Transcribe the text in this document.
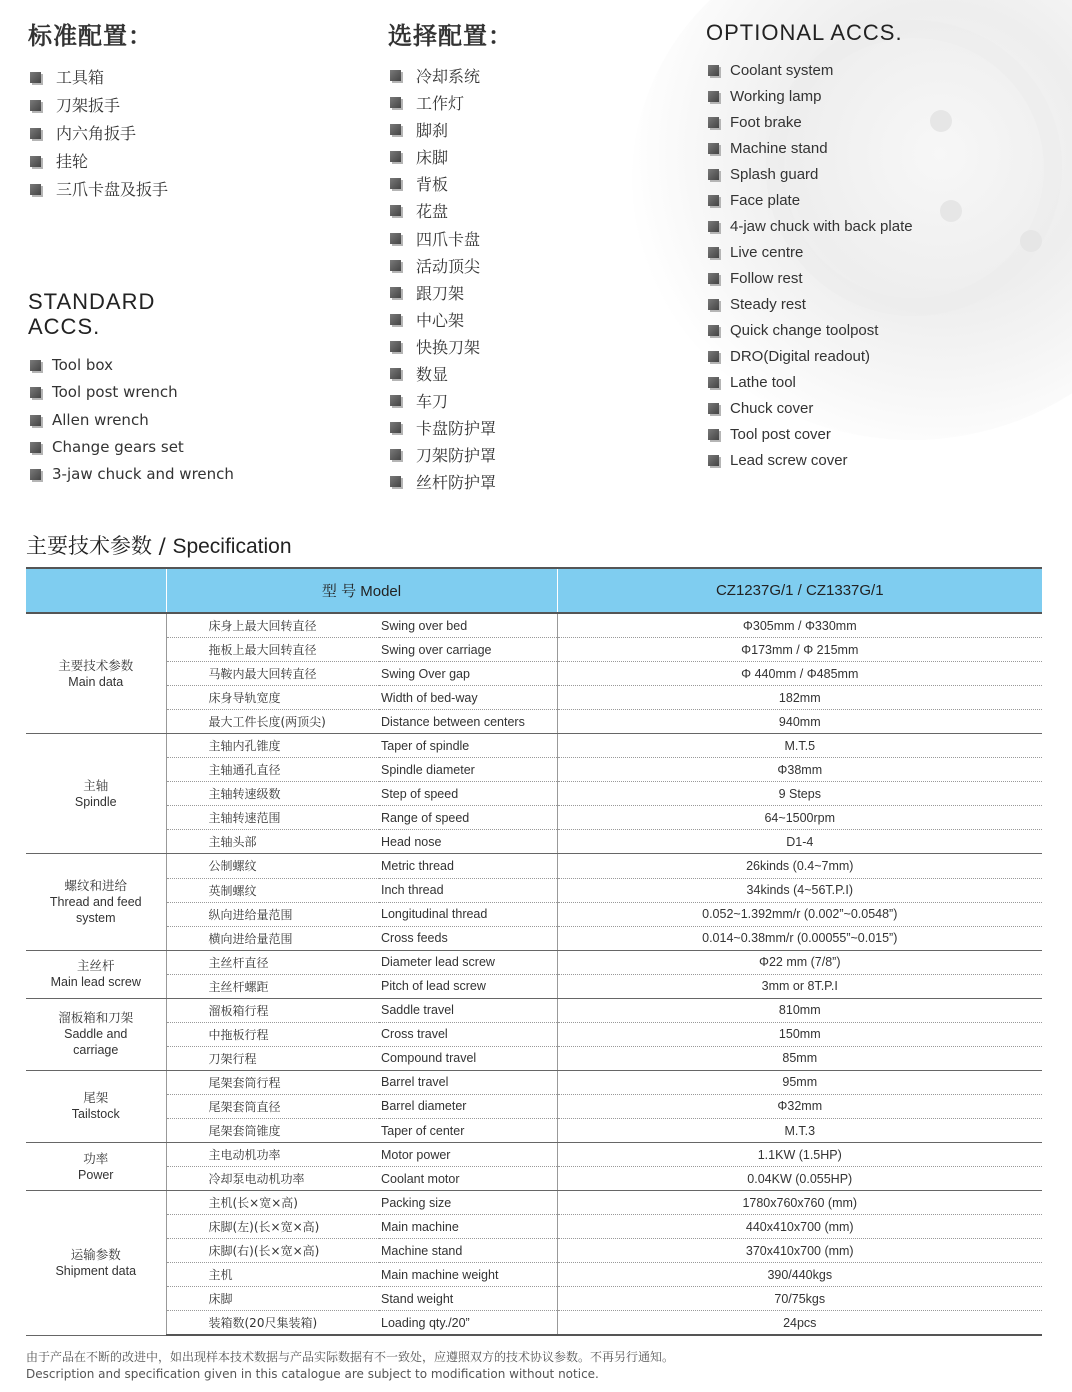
标准配置：
工具箱
刀架扳手
内六角扳手
挂轮
三爪卡盘及扳手
STANDARD
ACCS.
Tool box
Tool post wrench
Allen wrench
Change gears set
3-jaw chuck and wrench
选择配置：
冷却系统
工作灯
脚刹
床脚
背板
花盘
四爪卡盘
活动顶尖
跟刀架
中心架
快换刀架
数显
车刀
卡盘防护罩
刀架防护罩
丝杆防护罩
OPTIONAL ACCS.
Coolant system
Working lamp
Foot brake
Machine stand
Splash guard
Face plate
4-jaw chuck with back plate
Live centre
Follow rest
Steady rest
Quick change toolpost
DRO(Digital readout)
Lathe tool
Chuck cover
Tool post cover
Lead screw cover
主要技术参数 / Specification
	型 号 Model		CZ1237G/1 / CZ1337G/1

主要技术参数
Main data	床身上最大回转直径	Swing over bed	Φ305mm / Φ330mm
	拖板上最大回转直径	Swing over carriage	Φ173mm / Φ 215mm
	马鞍内最大回转直径	Swing Over gap	Φ 440mm / Φ485mm
	床身导轨宽度	Width of bed-way	182mm
	最大工件长度(两顶尖)	Distance between centers	940mm

主轴
Spindle	主轴内孔锥度	Taper of spindle	M.T.5
	主轴通孔直径	Spindle diameter	Φ38mm
	主轴转速级数	Step of speed	9 Steps
	主轴转速范围	Range of speed	64~1500rpm
	主轴头部	Head nose	D1-4

螺纹和进给
Thread and feed system	公制螺纹	Metric thread	26kinds (0.4~7mm)
	英制螺纹	Inch thread	34kinds (4~56T.P.I)
	纵向进给量范围	Longitudinal thread	0.052~1.392mm/r (0.002”~0.0548”)
	横向进给量范围	Cross feeds	0.014~0.38mm/r (0.00055”~0.015”)

主丝杆
Main lead screw	主丝杆直径	Diameter lead screw	Φ22 mm (7/8”)
	主丝杆螺距	Pitch of lead screw	3mm or 8T.P.I

溜板箱和刀架
Saddle and carriage	溜板箱行程	Saddle travel	810mm
	中拖板行程	Cross travel	150mm
	刀架行程	Compound travel	85mm

尾架
Tailstock	尾架套筒行程	Barrel travel	95mm
	尾架套筒直径	Barrel diameter	Φ32mm
	尾架套筒锥度	Taper of center	M.T.3

功率
Power	主电动机功率	Motor power	1.1KW (1.5HP)
	冷却泵电动机功率	Coolant motor	0.04KW (0.055HP)

运输参数
Shipment data	主机(长×宽×高)	Packing size	1780x760x760 (mm)
	床脚(左)(长×宽×高)	Main machine	440x410x700 (mm)
	床脚(右)(长×宽×高)	Machine stand	370x410x700 (mm)
	主机	Main machine weight	390/440kgs
	床脚	Stand weight	70/75kgs
	装箱数(20尺集装箱)	Loading qty./20”	24pcs
由于产品在不断的改进中，如出现样本技术数据与产品实际数据有不一致处，应遵照双方的技术协议参数。不再另行通知。
Description and specification given in this catalogue are subject to modification without notice.
